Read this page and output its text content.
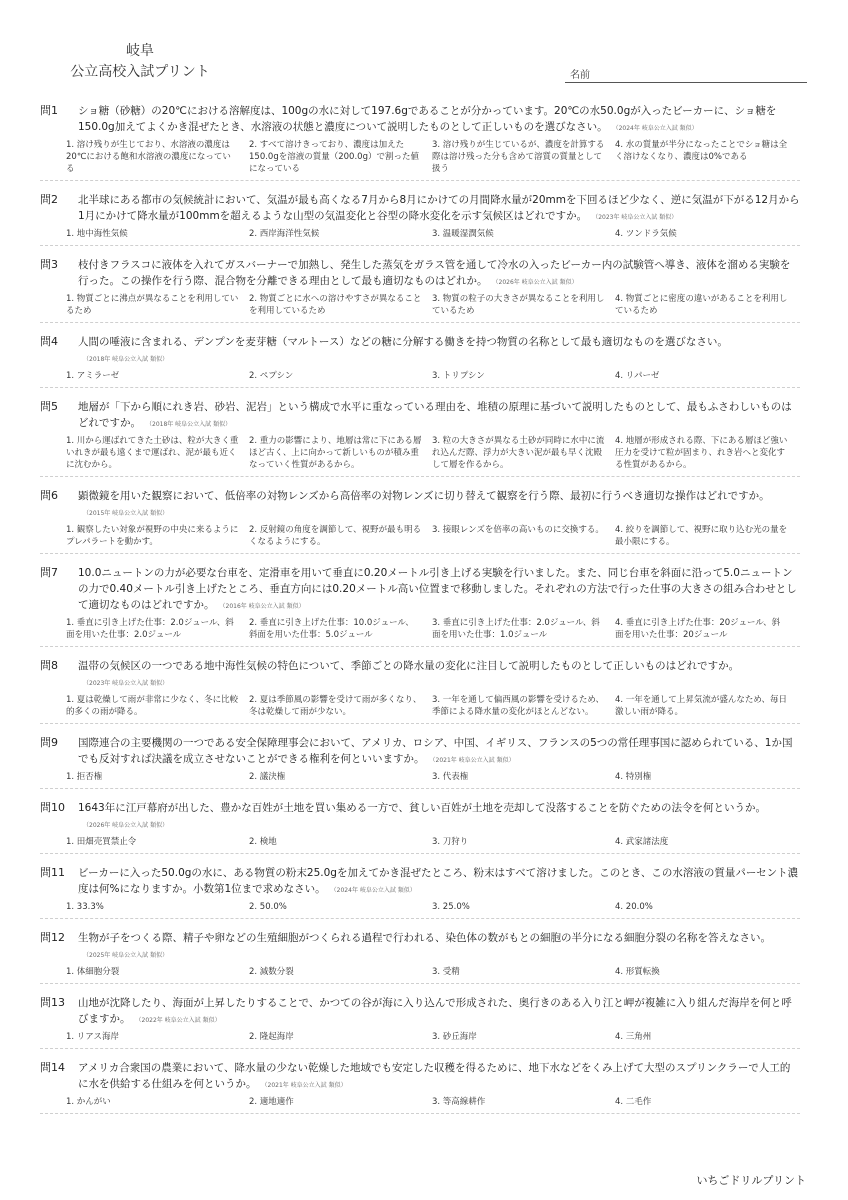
岐阜
公立高校入試プリント	名前
問1	ショ糖（砂糖）の20℃における溶解度は、100gの水に対して197.6gであることが分かっています。20℃の水50.0gが入ったビーカーに、ショ糖を150.0g加えてよくかき混ぜたとき、水溶液の状態と濃度について説明したものとして正しいものを選びなさい。 （2024年 岐阜公立入試 類似）
1. 溶け残りが生じており、水溶液の濃度は20℃における飽和水溶液の濃度になっている
2. すべて溶けきっており、濃度は加えた150.0gを溶液の質量（200.0g）で割った値になっている
3. 溶け残りが生じているが、濃度を計算する際は溶け残った分も含めて溶質の質量として扱う
4. 水の質量が半分になったことでショ糖は全く溶けなくなり、濃度は0%である
問2	北半球にある都市の気候統計において、気温が最も高くなる7月から8月にかけての月間降水量が20mmを下回るほど少なく、逆に気温が下がる12月から1月にかけて降水量が100mmを超えるような山型の気温変化と谷型の降水変化を示す気候区はどれですか。 （2023年 岐阜公立入試 類似）
1. 地中海性気候	2. 西岸海洋性気候	3. 温暖湿潤気候	4. ツンドラ気候
問3	枝付きフラスコに液体を入れてガスバーナーで加熱し、発生した蒸気をガラス管を通して冷水の入ったビーカー内の試験管へ導き、液体を溜める実験を行った。この操作を行う際、混合物を分離できる理由として最も適切なものはどれか。 （2026年 岐阜公立入試 類似）
1. 物質ごとに沸点が異なることを利用しているため
2. 物質ごとに水への溶けやすさが異なることを利用しているため
3. 物質の粒子の大きさが異なることを利用しているため
4. 物質ごとに密度の違いがあることを利用しているため
問4	人間の唾液に含まれる、デンプンを麦芽糖（マルトース）などの糖に分解する働きを持つ物質の名称として最も適切なものを選びなさい。（2018年 岐阜公立入試 類似）
1. アミラーゼ	2. ペプシン	3. トリプシン	4. リパーゼ
問5	地層が「下から順にれき岩、砂岩、泥岩」という構成で水平に重なっている理由を、堆積の原理に基づいて説明したものとして、最もふさわしいものはどれですか。 （2018年 岐阜公立入試 類似）
1. 川から運ばれてきた土砂は、粒が大きく重いれきが最も遠くまで運ばれ、泥が最も近くに沈むから。
2. 重力の影響により、地層は常に下にある層ほど古く、上に向かって新しいものが積み重なっていく性質があるから。
3. 粒の大きさが異なる土砂が同時に水中に流れ込んだ際、浮力が大きい泥が最も早く沈殿して層を作るから。
4. 地層が形成される際、下にある層ほど強い圧力を受けて粒が固まり、れき岩へと変化する性質があるから。
問6	顕微鏡を用いた観察において、低倍率の対物レンズから高倍率の対物レンズに切り替えて観察を行う際、最初に行うべき適切な操作はどれですか。（2015年 岐阜公立入試 類似）
1. 観察したい対象が視野の中央に来るようにプレパラートを動かす。
2. 反射鏡の角度を調節して、視野が最も明るくなるようにする。
3. 接眼レンズを倍率の高いものに交換する。	4. 絞りを調節して、視野に取り込む光の量を最小限にする。
問7	10.0ニュートンの力が必要な台車を、定滑車を用いて垂直に0.20メートル引き上げる実験を行いました。また、同じ台車を斜面に沿って5.0ニュートンの力で0.40メートル引き上げたところ、垂直方向には0.20メートル高い位置まで移動しました。それぞれの方法で行った仕事の大きさの組み合わせとして適切なものはどれですか。 （2016年 岐阜公立入試 類似）
1. 垂直に引き上げた仕事：2.0ジュール、斜面を用いた仕事：2.0ジュール
2. 垂直に引き上げた仕事：10.0ジュール、斜面を用いた仕事：5.0ジュール
3. 垂直に引き上げた仕事：2.0ジュール、斜面を用いた仕事：1.0ジュール
4. 垂直に引き上げた仕事：20ジュール、斜面を用いた仕事：20ジュール
問8	温帯の気候区の一つである地中海性気候の特色について、季節ごとの降水量の変化に注目して説明したものとして正しいものはどれですか。（2023年 岐阜公立入試 類似）
1. 夏は乾燥して雨が非常に少なく、冬に比較的多くの雨が降る。
2. 夏は季節風の影響を受けて雨が多くなり、冬は乾燥して雨が少ない。
3. 一年を通して偏西風の影響を受けるため、季節による降水量の変化がほとんどない。
4. 一年を通して上昇気流が盛んなため、毎日激しい雨が降る。
問9	国際連合の主要機関の一つである安全保障理事会において、アメリカ、ロシア、中国、イギリス、フランスの5つの常任理事国に認められている、1か国でも反対すれば決議を成立させないことができる権利を何といいますか。 （2021年 岐阜公立入試 類似）
1. 拒否権	2. 議決権	3. 代表権	4. 特別権
問10	1643年に江戸幕府が出した、豊かな百姓が土地を買い集める一方で、貧しい百姓が土地を売却して没落することを防ぐための法令を何というか。（2026年 岐阜公立入試 類似）
1. 田畑売買禁止令	2. 検地	3. 刀狩り	4. 武家諸法度
問11	ビーカーに入った50.0gの水に、ある物質の粉末25.0gを加えてかき混ぜたところ、粉末はすべて溶けました。このとき、この水溶液の質量パーセント濃度は何%になりますか。小数第1位まで求めなさい。 （2024年 岐阜公立入試 類似）
1. 33.3%	2. 50.0%	3. 25.0%	4. 20.0%
問12	生物が子をつくる際、精子や卵などの生殖細胞がつくられる過程で行われる、染色体の数がもとの細胞の半分になる細胞分裂の名称を答えなさい。（2025年 岐阜公立入試 類似）
1. 体細胞分裂	2. 減数分裂	3. 受精	4. 形質転換
問13	山地が沈降したり、海面が上昇したりすることで、かつての谷が海に入り込んで形成された、奥行きのある入り江と岬が複雑に入り組んだ海岸を何と呼びますか。 （2022年 岐阜公立入試 類似）
1. リアス海岸	2. 隆起海岸	3. 砂丘海岸	4. 三角州
問14	アメリカ合衆国の農業において、降水量の少ない乾燥した地域でも安定した収穫を得るために、地下水などをくみ上げて大型のスプリンクラーで人工的に水を供給する仕組みを何というか。 （2021年 岐阜公立入試 類似）
1. かんがい	2. 適地適作	3. 等高線耕作	4. 二毛作
いちごドリルプリント
